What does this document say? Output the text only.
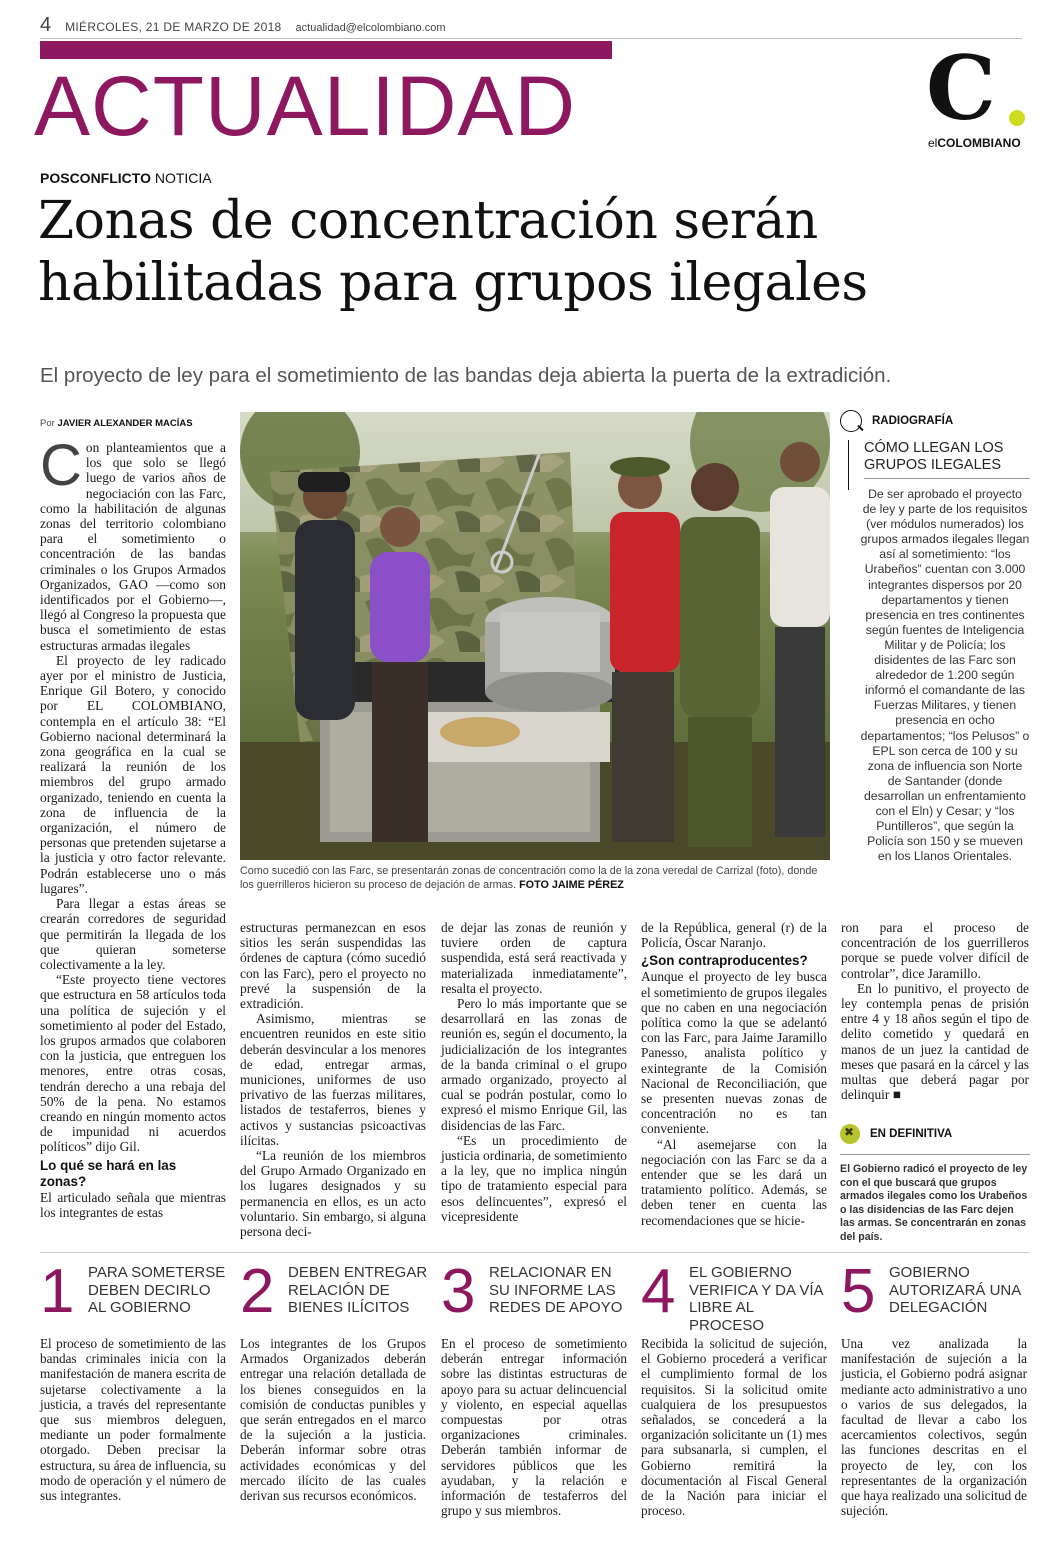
4 MIÉRCOLES, 21 DE MARZO DE 2018 actualidad@elcolombiano.com
ACTUALIDAD	C
elCOLOMBIANO
POSCONFLICTO NOTICIA
Zonas de concentración serán
habilitadas para grupos ilegales
El proyecto de ley para el sometimiento de las bandas deja abierta la puerta de la extradición.
Por JAVIER ALEXANDER MACÍAS

Con planteamientos que a los que solo se llegó luego de varios años de negociación con las Farc, como la habilitación de algunas zonas del territorio colombiano para el sometimiento o concentración de las bandas criminales o los Grupos Armados Organizados, GAO —como son identificados por el Gobierno—, llegó al Congreso la propuesta que busca el sometimiento de estas estructuras armadas ilegales

El proyecto de ley radicado ayer por el ministro de Justicia, Enrique Gil Botero, y conocido por EL COLOMBIANO, contempla en el artículo 38: “El Gobierno nacional determinará la zona geográfica en la cual se realizará la reunión de los miembros del grupo armado organizado, teniendo en cuenta la zona de influencia de la organización, el número de personas que pretenden sujetarse a la justicia y otro factor relevante. Podrán establecerse uno o más lugares”.

Para llegar a estas áreas se crearán corredores de seguridad que permitirán la llegada de los que quieran someterse colectivamente a la ley.

“Este proyecto tiene vectores que estructura en 58 artículos toda una política de sujeción y el sometimiento al poder del Estado, los grupos armados que colaboren con la justicia, que entreguen los menores, entre otras cosas, tendrán derecho a una rebaja del 50% de la pena. No estamos creando en ningún momento actos de impunidad ni acuerdos políticos” dijo Gil.

Lo qué se hará en las zonas?

El articulado señala que mientras los integrantes de estas

Como sucedió con las Farc, se presentarán zonas de concentración como la de la zona veredal de Carrizal (foto), donde los guerrilleros hicieron su proceso de dejación de armas. FOTO JAIME PÉREZ

estructuras permanezcan en esos sitios les serán suspendidas las órdenes de captura (cómo sucedió con las Farc), pero el proyecto no prevé la suspensión de la extradición.

Asimismo, mientras se encuentren reunidos en este sitio deberán desvincular a los menores de edad, entregar armas, municiones, uniformes de uso privativo de las fuerzas militares, listados de testaferros, bienes y activos y sustancias psicoactivas ilícitas.

“La reunión de los miembros del Grupo Armado Organizado en los lugares designados y su permanencia en ellos, es un acto voluntario. Sin embargo, si alguna persona deci-

de dejar las zonas de reunión y tuviere orden de captura suspendida, está será reactivada y materializada inmediatamente”, resalta el proyecto.

Pero lo más importante que se desarrollará en las zonas de reunión es, según el documento, la judicialización de los integrantes de la banda criminal o el grupo armado organizado, proyecto al cual se podrán postular, como lo expresó el mismo Enrique Gil, las disidencias de las Farc.

“Es un procedimiento de justicia ordinaria, de sometimiento a la ley, que no implica ningún tipo de tratamiento especial para esos delincuentes”, expresó el vicepresidente

de la República, general (r) de la Policía, Óscar Naranjo.

¿Son contraproducentes?

Aunque el proyecto de ley busca el sometimiento de grupos ilegales que no caben en una negociación política como la que se adelantó con las Farc, para Jaime Jaramillo Panesso, analista político y exintegrante de la Comisión Nacional de Reconciliación, que se presenten nuevas zonas de concentración no es tan conveniente.

“Al asemejarse con la negociación con las Farc se da a entender que se les dará un tratamiento político. Además, se deben tener en cuenta las recomendaciones que se hicie-

ron para el proceso de concentración de los guerrilleros porque se puede volver difícil de controlar”, dice Jaramillo.

En lo punitivo, el proyecto de ley contempla penas de prisión entre 4 y 18 años según el tipo de delito cometido y quedará en manos de un juez la cantidad de meses que pasará en la cárcel y las multas que deberá pagar por delinquir ■

RADIOGRAFÍA
CÓMO LLEGAN LOS GRUPOS ILEGALES
De ser aprobado el proyecto de ley y parte de los requisitos (ver módulos numerados) los grupos armados ilegales llegan así al sometimiento: “los Urabeños” cuentan con 3.000 integrantes dispersos por 20 departamentos y tienen presencia en tres continentes según fuentes de Inteligencia Militar y de Policía; los disidentes de las Farc son alrededor de 1.200 según informó el comandante de las Fuerzas Militares, y tienen presencia en ocho departamentos; “los Pelusos” o EPL son cerca de 100 y su zona de influencia son Norte de Santander (donde desarrollan un enfrentamiento con el Eln) y Cesar; y “los Puntilleros”, que según la Policía son 150 y se mueven en los Llanos Orientales.
✖
EN DEFINITIVA
El Gobierno radicó el proyecto de ley con el que buscará que grupos armados ilegales como los Urabeños o las disidencias de las Farc dejen las armas. Se concentrarán en zonas del país.
1 PARA SOMETERSE DEBEN DECIRLO AL GOBIERNO

El proceso de sometimiento de las bandas criminales inicia con la manifestación de manera escrita de sujetarse colectivamente a la justicia, a través del representante que sus miembros deleguen, mediante un poder formalmente otorgado. Deben precisar la estructura, su área de influencia, su modo de operación y el número de sus integrantes.

2 DEBEN ENTREGAR RELACIÓN DE BIENES ILÍCITOS

Los integrantes de los Grupos Armados Organizados deberán entregar una relación detallada de los bienes conseguidos en la comisión de conductas punibles y que serán entregados en el marco de la sujeción a la justicia. Deberán informar sobre otras actividades económicas y del mercado ilícito de las cuales derivan sus recursos económicos.

3 RELACIONAR EN SU INFORME LAS REDES DE APOYO

En el proceso de sometimiento deberán entregar información sobre las distintas estructuras de apoyo para su actuar delincuencial y violento, en especial aquellas compuestas por otras organizaciones criminales. Deberán también informar de servidores públicos que les ayudaban, y la relación e información de testaferros del grupo y sus miembros.

4 EL GOBIERNO VERIFICA Y DA VÍA LIBRE AL PROCESO

Recibida la solicitud de sujeción, el Gobierno procederá a verificar el cumplimiento formal de los requisitos. Si la solicitud omite cualquiera de los presupuestos señalados, se concederá a la organización solicitante un (1) mes para subsanarla, si cumplen, el Gobierno remitirá la documentación al Fiscal General de la Nación para iniciar el proceso.

5 GOBIERNO AUTORIZARÁ UNA DELEGACIÓN

Una vez analizada la manifestación de sujeción a la justicia, el Gobierno podrá asignar mediante acto administrativo a uno o varios de sus delegados, la facultad de llevar a cabo los acercamientos colectivos, según las funciones descritas en el proyecto de ley, con los representantes de la organización que haya realizado una solicitud de sujeción.
